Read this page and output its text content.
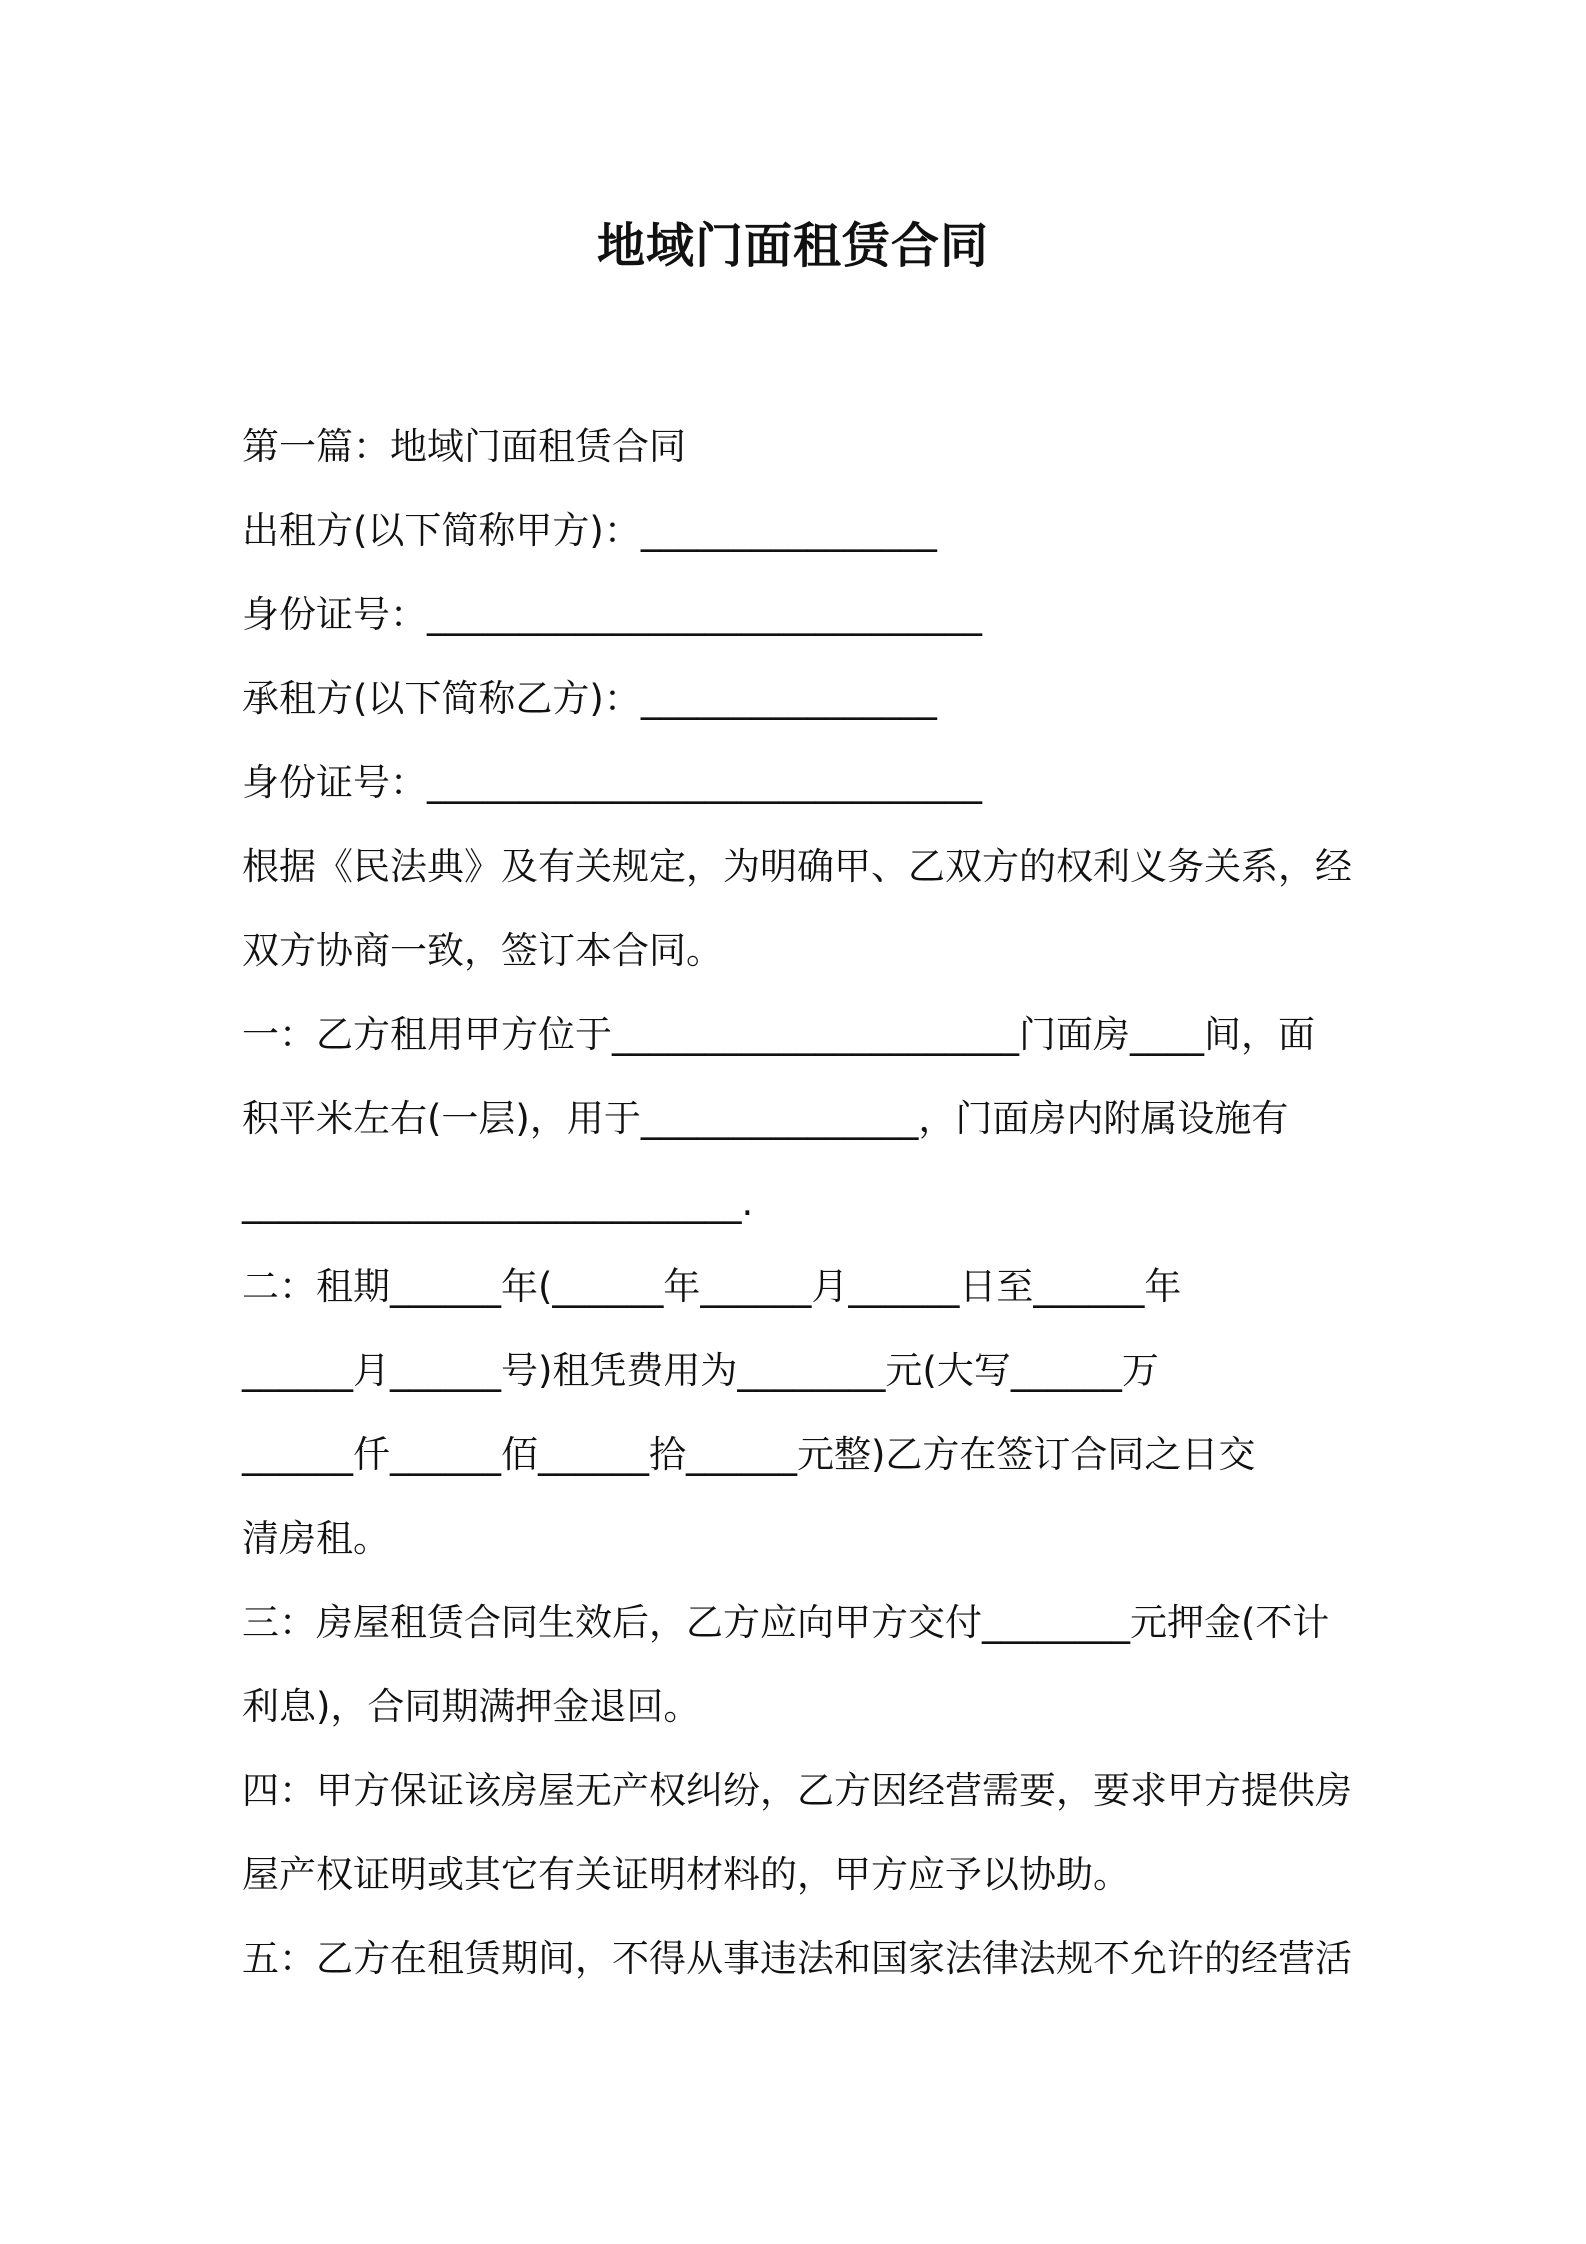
地域门面租赁合同
第一篇：地域门面租赁合同
出租方(以下简称甲方)：________________
身份证号：______________________________
承租方(以下简称乙方)：________________
身份证号：______________________________
根据《民法典》及有关规定，为明确甲、乙双方的权利义务关系，经
双方协商一致，签订本合同。
一：乙方租用甲方位于______________________门面房____间，面
积平米左右(一层)，用于_______________，门面房内附属设施有
___________________________.
二：租期______年(______年______月______日至______年
______月______号)租凭费用为________元(大写______万
______仟______佰______拾______元整)乙方在签订合同之日交
清房租。
三：房屋租赁合同生效后，乙方应向甲方交付________元押金(不计
利息)，合同期满押金退回。
四：甲方保证该房屋无产权纠纷，乙方因经营需要，要求甲方提供房
屋产权证明或其它有关证明材料的，甲方应予以协助。
五：乙方在租赁期间，不得从事违法和国家法律法规不允许的经营活
